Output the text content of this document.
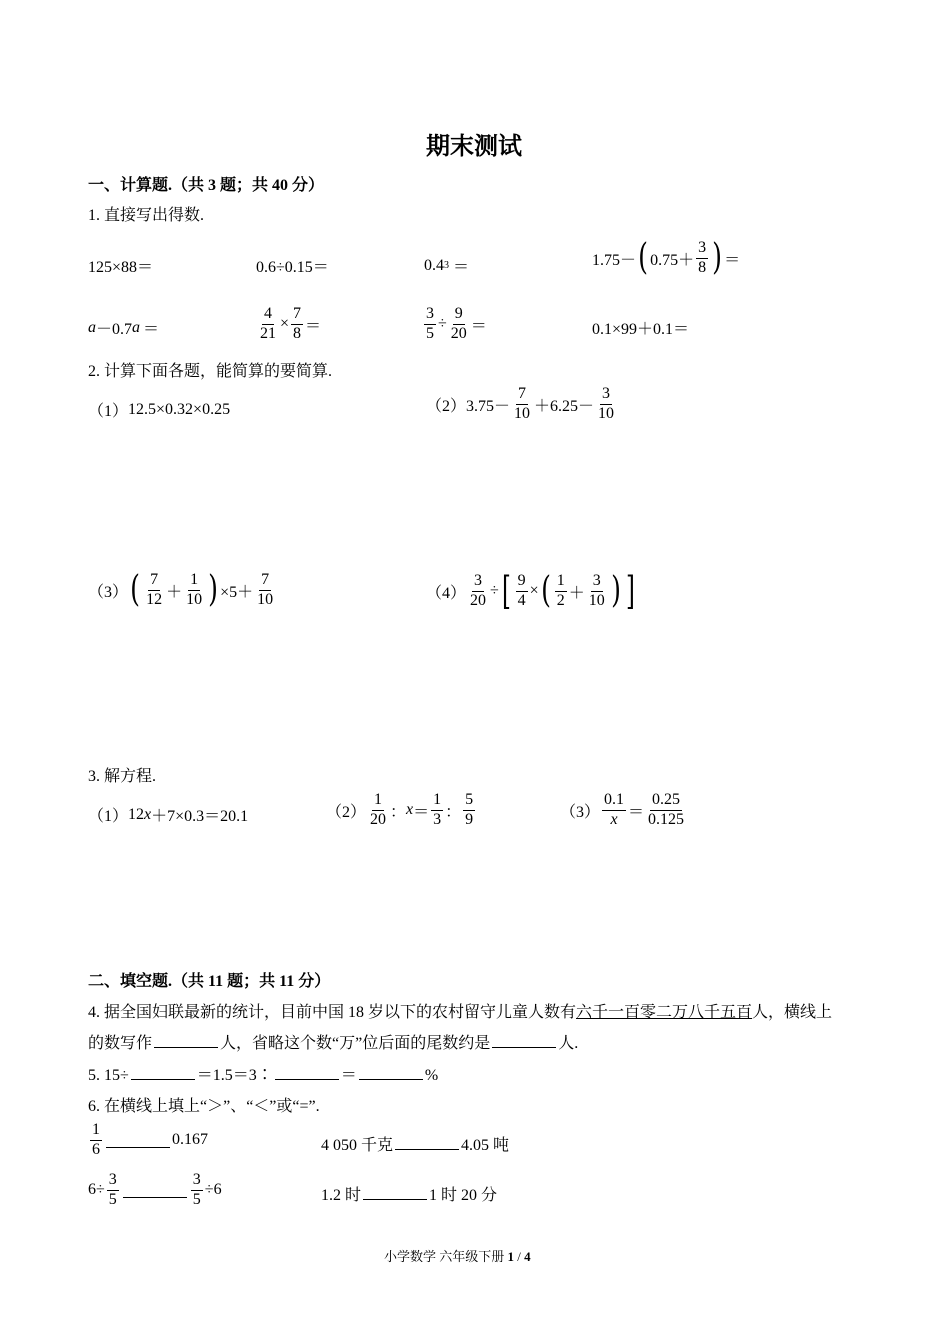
期末测试
一、计算题.（共 3 题；共 40 分）
1. 直接写出得数.
125×88＝	0.6÷0.15＝	0.4 3 ＝	1.75－ ( $0.75+ \frac{3}{8}$ ) ＝
a －0.7 a ＝	$\frac{4}{21} \times \frac{7}{8}$ ＝	$\frac{3}{5} \div \frac{9}{20}$ ＝	0.1×99＋0.1＝
2. 计算下面各题，能简算的要简算.
（1） 12.5×0.32×0.25	（2） $3.75- \frac{7}{10} +6.25- \frac{3}{10}$
（3） ( $\frac{7}{12} + \frac{1}{10}$ ) $\times 5+ \frac{7}{10}$	$(4) \frac{3}{20}$ ÷ [ $\frac{9}{4}$ × ( $\frac{1}{2} + \frac{3}{10}$ ) ]
3. 解方程.
（1） 12 x ＋7×0.3＝20.1	$(2) \frac{1}{20}$ ： $x = \frac{1}{3}$ ： $\frac{5}{9}$	$(3) \frac{0.1}{x} = \frac{0.25}{0.125}$
二、填空题.（共 11 题；共 11 分）
4. 据全国妇联最新的统计，目前中国 18 岁以下的农村留守儿童人数有六千一百零二万八千五百人，横线上
的数写作	人，省略这个数“万”位后面的尾数约是	人.
5. 15÷	＝1.5＝3∶	＝	%
6. 在横线上填上“＞”、“＜”或“=”.
$\frac{1}{6}$	0.167	4 050 千克	4.05 吨
$6\div \frac{3}{5}$	$\frac{3}{5} \div 6$	1.2 时	1 时 20 分
小学数学 六年级下册 1 / 4
